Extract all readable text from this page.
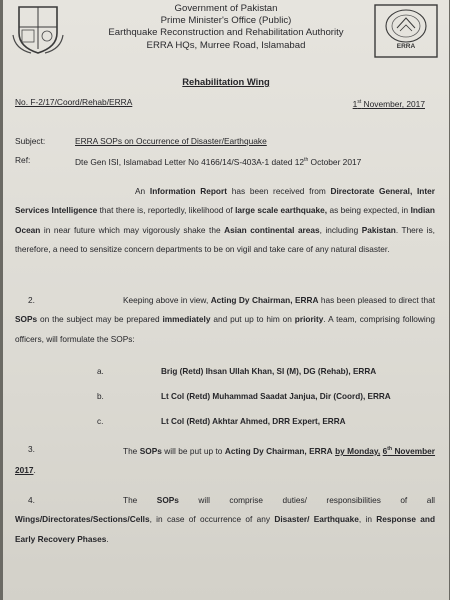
ERRA
Government of Pakistan
Prime Minister's Office (Public)
Earthquake Reconstruction and Rehabilitation Authority
ERRA HQs, Murree Road, Islamabad
Rehabilitation Wing
No. F-2/17/Coord/Rehab/ERRA	1st November, 2017
Subject:	ERRA SOPs on Occurrence of Disaster/Earthquake
Ref:	Dte Gen ISI, Islamabad Letter No 4166/14/S-403A-1 dated 12th October 2017
An Information Report has been received from Directorate General, Inter Services Intelligence that there is, reportedly, likelihood of large scale earthquake, as being expected, in Indian Ocean in near future which may vigorously shake the Asian continental areas, including Pakistan. There is, therefore, a need to sensitize concern departments to be on vigil and take care of any natural disaster.
2.	Keeping above in view, Acting Dy Chairman, ERRA has been pleased to direct that SOPs on the subject may be prepared immediately and put up to him on priority. A team, comprising following officers, will formulate the SOPs:
a.	Brig (Retd) Ihsan Ullah Khan, SI (M), DG (Rehab), ERRA
b.	Lt Col (Retd) Muhammad Saadat Janjua, Dir (Coord), ERRA
c.	Lt Col (Retd) Akhtar Ahmed, DRR Expert, ERRA
3.	The SOPs will be put up to Acting Dy Chairman, ERRA by Monday, 6th November 2017.
4.	The SOPs will comprise duties/ responsibilities of all Wings/Directorates/Sections/Cells, in case of occurrence of any Disaster/ Earthquake, in Response and Early Recovery Phases.
